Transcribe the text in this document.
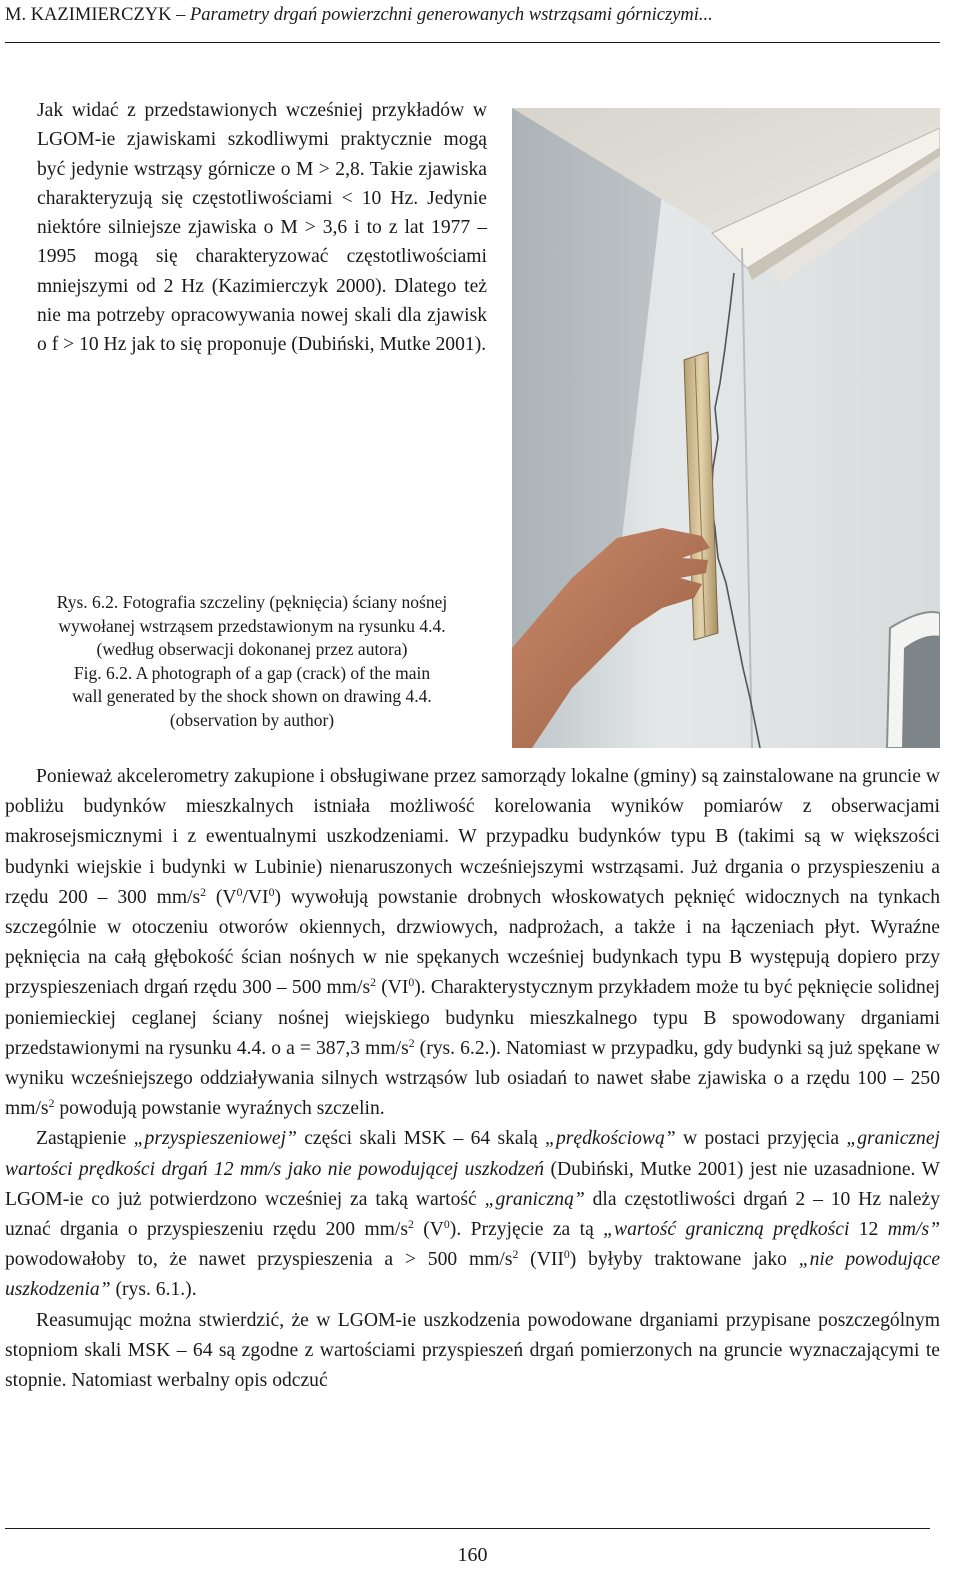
M. KAZIMIERCZYK – Parametry drgań powierzchni generowanych wstrząsami górniczymi...

Jak widać z przedstawionych wcześniej przykładów w LGOM-ie zjawiskami szkodliwymi praktycznie mogą być jedynie wstrząsy górnicze o M > 2,8. Takie zjawiska charakteryzują się częstotliwościami < 10 Hz. Jedynie niektóre silniejsze zjawiska o M > 3,6 i to z lat 1977 – 1995 mogą się charakteryzować częstotliwościami mniejszymi od 2 Hz (Kazimierczyk 2000). Dlatego też nie ma potrzeby opracowywania nowej skali dla zjawisk o f > 10 Hz jak to się proponuje (Dubiński, Mutke 2001).

Rys. 6.2. Fotografia szczeliny (pęknięcia) ściany nośnej
wywołanej wstrząsem przedstawionym na rysunku 4.4.
(według obserwacji dokonanej przez autora)
Fig. 6.2. A photograph of a gap (crack) of the main
wall generated by the shock shown on drawing 4.4.
(observation by author)

Ponieważ akcelerometry zakupione i obsługiwane przez samorządy lokalne (gminy) są zainstalowane na gruncie w pobliżu budynków mieszkalnych istniała możliwość korelowania wyników pomiarów z obserwacjami makrosejsmicznymi i z ewentualnymi uszkodzeniami. W przypadku budynków typu B (takimi są w większości budynki wiejskie i budynki w Lubinie) nienaruszonych wcześniejszymi wstrząsami. Już drgania o przyspieszeniu a rzędu 200 – 300 $mm/s^2$ $(V^0/VI^0)$ wywołują powstanie drobnych włoskowatych pęknięć widocznych na tynkach szczególnie w otoczeniu otworów okiennych, drzwiowych, nadprożach, a także i na łączeniach płyt. Wyraźne pęknięcia na całą głębokość ścian nośnych w nie spękanych wcześniej budynkach typu B występują dopiero przy przyspieszeniach drgań rzędu 300 – 500 $mm/s^2$ $(VI^0)$. Charakterystycznym przykładem może tu być pęknięcie solidnej poniemieckiej ceglanej ściany nośnej wiejskiego budynku mieszkalnego typu B spowodowany drganiami przedstawionymi na rysunku 4.4. o a = 387,3 $mm/s^2$ (rys. 6.2.). Natomiast w przypadku, gdy budynki są już spękane w wyniku wcześniejszego oddziaływania silnych wstrząsów lub osiadań to nawet słabe zjawiska o a rzędu 100 – 250 $mm/s^2$ powodują powstanie wyraźnych szczelin.

Zastąpienie „przyspieszeniowej” części skali MSK – 64 skalą „prędkościową” w postaci przyjęcia „granicznej wartości prędkości drgań 12 mm/s jako nie powodującej uszkodzeń (Dubiński, Mutke 2001) jest nie uzasadnione. W LGOM-ie co już potwierdzono wcześniej za taką wartość „graniczną” dla częstotliwości drgań 2 – 10 Hz należy uznać drgania o przyspieszeniu rzędu 200 $mm/s^2$ $(V^0)$. Przyjęcie za tą „wartość graniczną prędkości 12 mm/s” powodowałoby to, że nawet przyspieszenia a > 500 $mm/s^2$ (VII$^0$) byłyby traktowane jako „nie powodujące uszkodzenia” (rys. 6.1.).

Reasumując można stwierdzić, że w LGOM-ie uszkodzenia powodowane drganiami przypisane poszczególnym stopniom skali MSK – 64 są zgodne z wartościami przyspieszeń drgań pomierzonych na gruncie wyznaczającymi te stopnie. Natomiast werbalny opis odczuć

160
